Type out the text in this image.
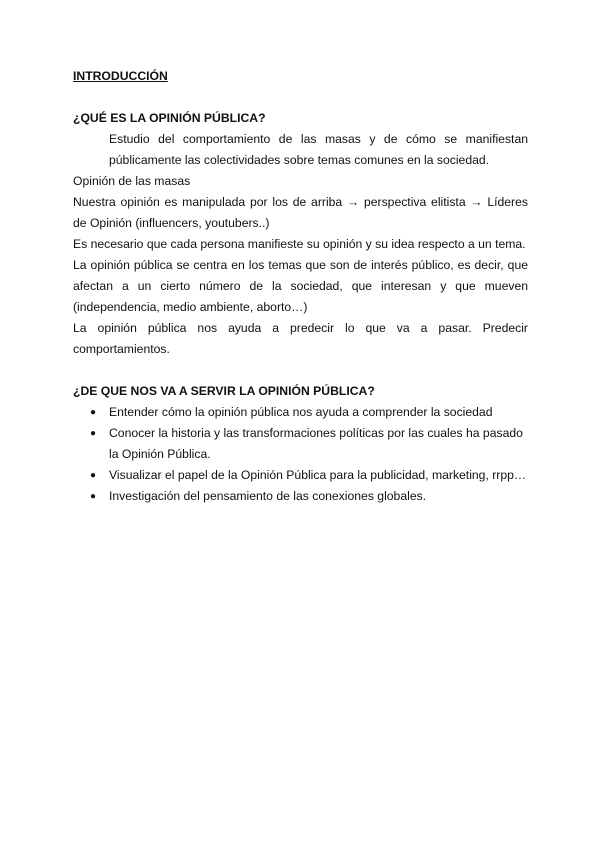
INTRODUCCIÓN
¿QUÉ ES LA OPINIÓN PÚBLICA?

Estudio del comportamiento de las masas y de cómo se manifiestan públicamente las colectividades sobre temas comunes en la sociedad.

Opinión de las masas

Nuestra opinión es manipulada por los de arriba → perspectiva elitista → Líderes de Opinión (influencers, youtubers..)

Es necesario que cada persona manifieste su opinión y su idea respecto a un tema.

La opinión pública se centra en los temas que son de interés público, es decir, que afectan a un cierto número de la sociedad, que interesan y que mueven (independencia, medio ambiente, aborto…)

La opinión pública nos ayuda a predecir lo que va a pasar. Predecir comportamientos.

¿DE QUE NOS VA A SERVIR LA OPINIÓN PÚBLICA?
● Entender cómo la opinión pública nos ayuda a comprender la sociedad
● Conocer la historia y las transformaciones políticas por las cuales ha pasado la Opinión Pública.
● Visualizar el papel de la Opinión Pública para la publicidad, marketing, rrpp…
● Investigación del pensamiento de las conexiones globales.
